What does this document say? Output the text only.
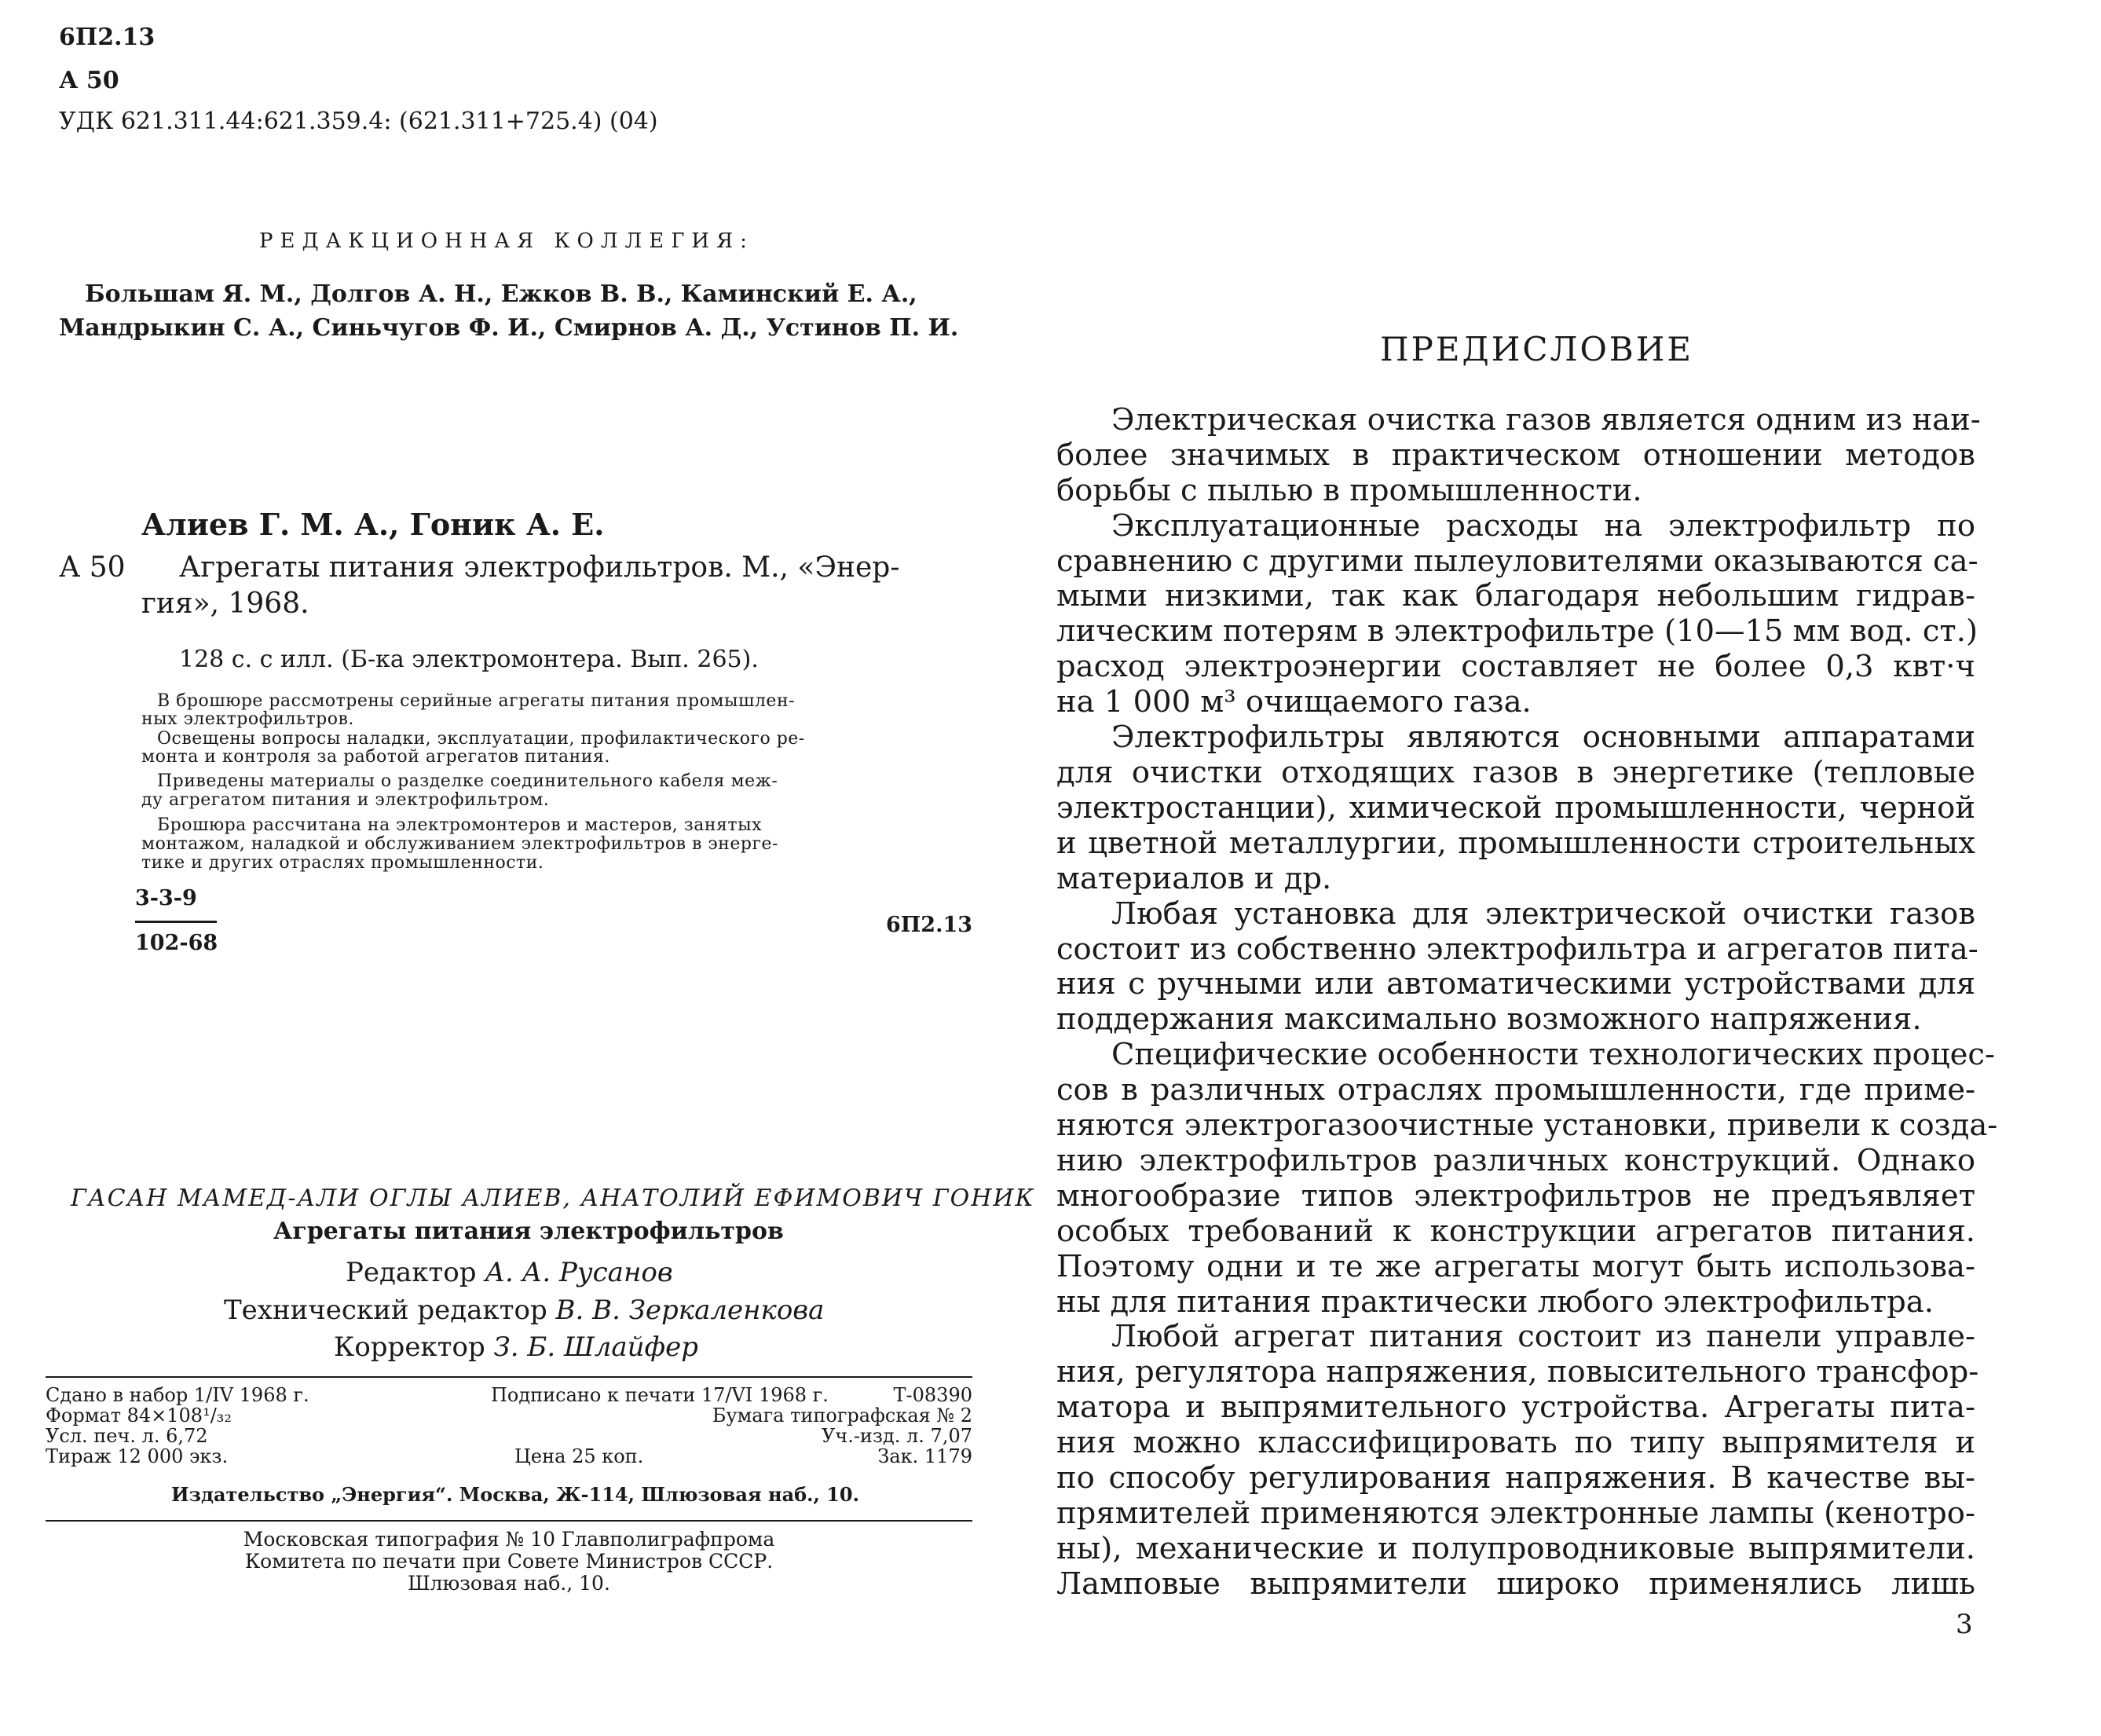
6П2.13
А 50
УДК 621.311.44:621.359.4: (621.311+725.4) (04)
РЕДАКЦИОННАЯ КОЛЛЕГИЯ:
Большам Я. М., Долгов А. Н., Ежков В. В., Каминский Е. А.,
Мандрыкин С. А., Синьчугов Ф. И., Смирнов А. Д., Устинов П. И.
Алиев Г. М. А., Гоник А. Е.
А 50 Агрегаты питания электрофильтров. М., «Энер-
гия», 1968.
128 с. с илл. (Б-ка электромонтера. Вып. 265).
В брошюре рассмотрены серийные агрегаты питания промышлен-
ных электрофильтров.
Освещены вопросы наладки, эксплуатации, профилактического ре-
монта и контроля за работой агрегатов питания.
Приведены материалы о разделке соединительного кабеля меж-
ду агрегатом питания и электрофильтром.
Брошюра рассчитана на электромонтеров и мастеров, занятых
монтажом, наладкой и обслуживанием электрофильтров в энерге-
тике и других отраслях промышленности.
3-3-9
102-68
6П2.13
ГАСАН МАМЕД-АЛИ ОГЛЫ АЛИЕВ, АНАТОЛИЙ ЕФИМОВИЧ ГОНИК
Агрегаты питания электрофильтров
Редактор А. А. Русанов
Технический редактор В. В. Зеркаленкова
Корректор З. Б. Шлайфер
Сдано в набор 1/IV 1968 г.	Подписано к печати 17/VI 1968 г.	Т-08390
Формат 84×108¹/₃₂	Бумага типографская № 2
Усл. печ. л. 6,72	Уч.-изд. л. 7,07
Тираж 12 000 экз.	Цена 25 коп.	Зак. 1179
Издательство „Энергия“. Москва, Ж-114, Шлюзовая наб., 10.
Московская типография № 10 Главполиграфпрома
Комитета по печати при Совете Министров СССР.
Шлюзовая наб., 10.
ПРЕДИСЛОВИЕ
Электрическая очистка газов является одним из наи-
более значимых в практическом отношении методов
борьбы с пылью в промышленности.
Эксплуатационные расходы на электрофильтр по
сравнению с другими пылеуловителями оказываются са-
мыми низкими, так как благодаря небольшим гидрав-
лическим потерям в электрофильтре (10—15 мм вод. ст.)
расход электроэнергии составляет не более 0,3 квт·ч
на 1 000 м³ очищаемого газа.
Электрофильтры являются основными аппаратами
для очистки отходящих газов в энергетике (тепловые
электростанции), химической промышленности, черной
и цветной металлургии, промышленности строительных
материалов и др.
Любая установка для электрической очистки газов
состоит из собственно электрофильтра и агрегатов пита-
ния с ручными или автоматическими устройствами для
поддержания максимально возможного напряжения.
Специфические особенности технологических процес-
сов в различных отраслях промышленности, где приме-
няются электрогазоочистные установки, привели к созда-
нию электрофильтров различных конструкций. Однако
многообразие типов электрофильтров не предъявляет
особых требований к конструкции агрегатов питания.
Поэтому одни и те же агрегаты могут быть использова-
ны для питания практически любого электрофильтра.
Любой агрегат питания состоит из панели управле-
ния, регулятора напряжения, повысительного трансфор-
матора и выпрямительного устройства. Агрегаты пита-
ния можно классифицировать по типу выпрямителя и
по способу регулирования напряжения. В качестве вы-
прямителей применяются электронные лампы (кенотро-
ны), механические и полупроводниковые выпрямители.
Ламповые выпрямители широко применялись лишь
3
